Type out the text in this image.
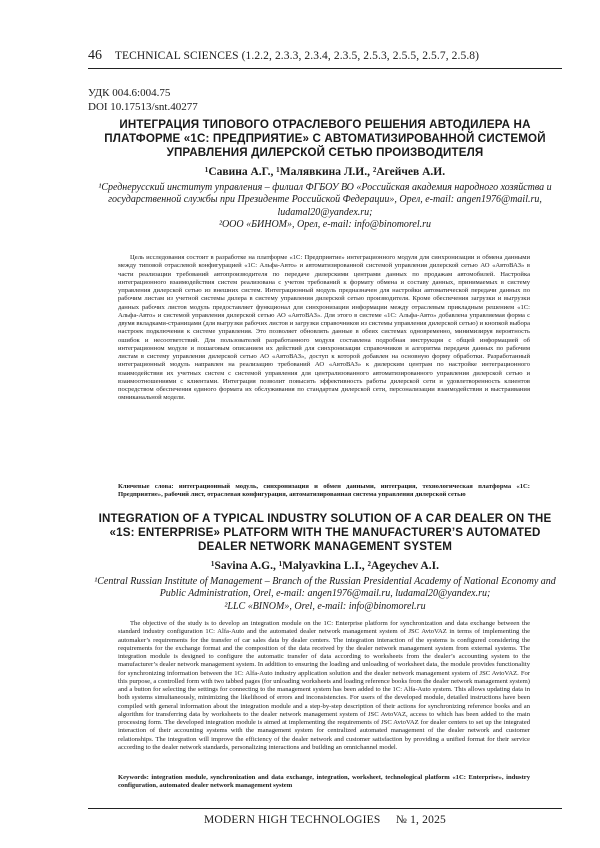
46 TECHNICAL SCIENCES (1.2.2, 2.3.3, 2.3.4, 2.3.5, 2.5.3, 2.5.5, 2.5.7, 2.5.8)
УДК 004.6:004.75
DOI 10.17513/snt.40277
ИНТЕГРАЦИЯ ТИПОВОГО ОТРАСЛЕВОГО РЕШЕНИЯ АВТОДИЛЕРА НА ПЛАТФОРМЕ «1С: ПРЕДПРИЯТИЕ» С АВТОМАТИЗИРОВАННОЙ СИСТЕМОЙ УПРАВЛЕНИЯ ДИЛЕРСКОЙ СЕТЬЮ ПРОИЗВОДИТЕЛЯ
¹Савина А.Г., ¹Малявкина Л.И., ²Агейчев А.И.
¹Среднерусский институт управления – филиал ФГБОУ ВО «Российская академия народного хозяйства и государственной службы при Президенте Российской Федерации», Орел, e-mail: angen1976@mail.ru, ludamal20@yandex.ru;
²ООО «БИНОМ», Орел, e-mail: info@binomorel.ru
Цель исследования состоит в разработке на платформе «1С: Предприятие» интеграционного модуля для синхронизации и обмена данными между типовой отраслевой конфигурацией «1С: Альфа-Авто» и автоматизированной системой управления дилерской сетью АО «АвтоВАЗ» в части реализации требований автопроизводителя по передаче дилерскими центрами данных по продажам автомобилей. Настройка интеграционного взаимодействия систем реализована с учетом требований к формату обмена и составу данных, принимаемых в систему управления дилерской сетью из внешних систем. Интеграционный модуль предназначен для настройки автоматической передачи данных по рабочим листам из учетной системы дилера в систему управления дилерской сетью производителя. Кроме обеспечения загрузки и выгрузки данных рабочих листов модуль предоставляет функционал для синхронизации информации между отраслевым прикладным решением «1С: Альфа-Авто» и системой управления дилерской сетью АО «АвтоВАЗ». Для этого в системе «1С: Альфа-Авто» добавлена управляемая форма с двумя вкладками-страницами (для выгрузки рабочих листов и загрузки справочников из системы управления дилерской сетью) и кнопкой выбора настроек подключения к системе управления. Это позволяет обновлять данные в обеих системах одновременно, минимизируя вероятность ошибок и несоответствий. Для пользователей разработанного модуля составлена подробная инструкция с общей информацией об интеграционном модуле и пошаговым описанием их действий для синхронизации справочников и алгоритма передачи данных по рабочим листам в систему управления дилерской сетью АО «АвтоВАЗ», доступ к которой добавлен на основную форму обработки. Разработанный интеграционный модуль направлен на реализацию требований АО «АвтоВАЗ» к дилерским центрам по настройке интеграционного взаимодействия их учетных систем с системой управления для централизованного автоматизированного управления дилерской сетью и взаимоотношениями с клиентами. Интеграция позволит повысить эффективность работы дилерской сети и удовлетворенность клиентов посредством обеспечения единого формата их обслуживания по стандартам дилерской сети, персонализации взаимодействия и выстраивания омниканальной модели.
Ключевые слова: интеграционный модуль, синхронизация и обмен данными, интеграция, технологическая платформа «1С: Предприятие», рабочий лист, отраслевая конфигурация, автоматизированная система управления дилерской сетью
INTEGRATION OF A TYPICAL INDUSTRY SOLUTION OF A CAR DEALER ON THE «1S: ENTERPRISE» PLATFORM WITH THE MANUFACTURER’S AUTOMATED DEALER NETWORK MANAGEMENT SYSTEM
¹Savina A.G., ¹Malyavkina L.I., ²Ageychev A.I.
¹Central Russian Institute of Management – Branch of the Russian Presidential Academy of National Economy and Public Administration, Orel, e-mail: angen1976@mail.ru, ludamal20@yandex.ru;
²LLC «BINOM», Orel, e-mail: info@binomorel.ru
The objective of the study is to develop an integration module on the 1C: Enterprise platform for synchronization and data exchange between the standard industry configuration 1C: Alfa-Auto and the automated dealer network management system of JSC AvtoVAZ in terms of implementing the automaker’s requirements for the transfer of car sales data by dealer centers. The integration interaction of the systems is configured considering the requirements for the exchange format and the composition of the data received by the dealer network management system from external systems. The integration module is designed to configure the automatic transfer of data according to worksheets from the dealer’s accounting system to the manufacturer’s dealer network management system. In addition to ensuring the loading and unloading of worksheet data, the module provides functionality for synchronizing information between the 1C: Alfa-Auto industry application solution and the dealer network management system of JSC AvtoVAZ. For this purpose, a controlled form with two tabbed pages (for unloading worksheets and loading reference books from the dealer network management system) and a button for selecting the settings for connecting to the management system has been added to the 1C: Alfa-Auto system. This allows updating data in both systems simultaneously, minimizing the likelihood of errors and inconsistencies. For users of the developed module, detailed instructions have been compiled with general information about the integration module and a step-by-step description of their actions for synchronizing reference books and an algorithm for transferring data by worksheets to the dealer network management system of JSC AvtoVAZ, access to which has been added to the main processing form. The developed integration module is aimed at implementing the requirements of JSC AvtoVAZ for dealer centers to set up the integrated interaction of their accounting systems with the management system for centralized automated management of the dealer network and customer relationships. The integration will improve the efficiency of the dealer network and customer satisfaction by providing a unified format for their service according to the dealer network standards, personalizing interactions and building an omnichannel model.
Keywords: integration module, synchronization and data exchange, integration, worksheet, technological platform «1C: Enterprise», industry configuration, automated dealer network management system
MODERN HIGH TECHNOLOGIES № 1, 2025
